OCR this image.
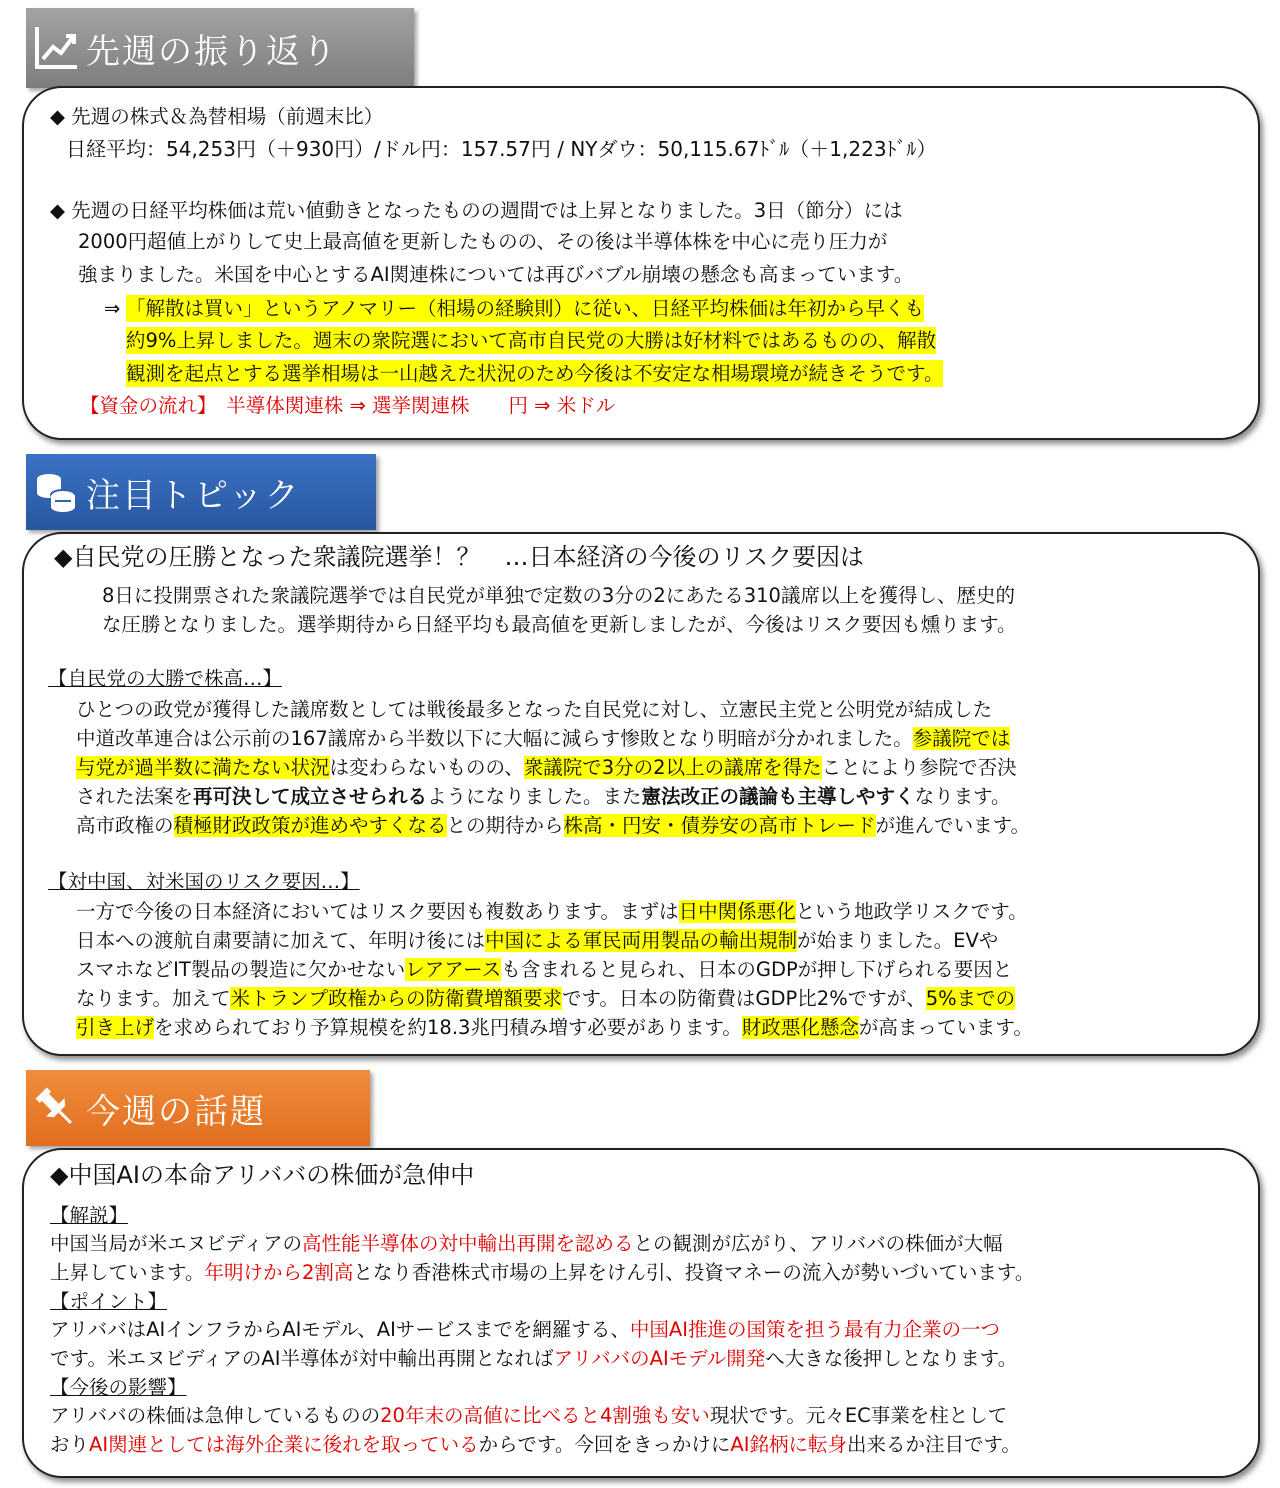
先週の振り返り
◆ 先週の株式＆為替相場（前週末比）
日経平均：54,253円（＋930円）/ドル円：157.57円 / NYダウ：50,115.67ﾄﾞﾙ（＋1,223ﾄﾞﾙ）
◆ 先週の日経平均株価は荒い値動きとなったものの週間では上昇となりました。3日（節分）には
2000円超値上がりして史上最高値を更新したものの、その後は半導体株を中心に売り圧力が
強まりました。米国を中心とするAI関連株については再びバブル崩壊の懸念も高まっています。
⇒ 「解散は買い」というアノマリー（相場の経験則）に従い、日経平均株価は年初から早くも
約9%上昇しました。週末の衆院選において高市自民党の大勝は好材料ではあるものの、解散
観測を起点とする選挙相場は一山越えた状況のため今後は不安定な相場環境が続きそうです。
【資金の流れ】　半導体関連株 ⇒ 選挙関連株　　円 ⇒ 米ドル
注目トピック
◆自民党の圧勝となった衆議院選挙！？　…日本経済の今後のリスク要因は
8日に投開票された衆議院選挙では自民党が単独で定数の3分の2にあたる310議席以上を獲得し、歴史的
な圧勝となりました。選挙期待から日経平均も最高値を更新しましたが、今後はリスク要因も燻ります。
【自民党の大勝で株高…】
ひとつの政党が獲得した議席数としては戦後最多となった自民党に対し、立憲民主党と公明党が結成した
中道改革連合は公示前の167議席から半数以下に大幅に減らす惨敗となり明暗が分かれました。参議院では
与党が過半数に満たない状況は変わらないものの、衆議院で3分の2以上の議席を得たことにより参院で否決
された法案を再可決して成立させられるようになりました。また憲法改正の議論も主導しやすくなります。
高市政権の積極財政政策が進めやすくなるとの期待から株高・円安・債券安の高市トレードが進んでいます。
【対中国、対米国のリスク要因…】
一方で今後の日本経済においてはリスク要因も複数あります。まずは日中関係悪化という地政学リスクです。
日本への渡航自粛要請に加えて、年明け後には中国による軍民両用製品の輸出規制が始まりました。EVや
スマホなどIT製品の製造に欠かせないレアアースも含まれると見られ、日本のGDPが押し下げられる要因と
なります。加えて米トランプ政権からの防衛費増額要求です。日本の防衛費はGDP比2%ですが、5%までの
引き上げを求められており予算規模を約18.3兆円積み増す必要があります。財政悪化懸念が高まっています。
今週の話題
◆中国AIの本命アリババの株価が急伸中
【解説】
中国当局が米エヌビディアの高性能半導体の対中輸出再開を認めるとの観測が広がり、アリババの株価が大幅
上昇しています。年明けから2割高となり香港株式市場の上昇をけん引、投資マネーの流入が勢いづいています。
【ポイント】
アリババはAIインフラからAIモデル、AIサービスまでを網羅する、中国AI推進の国策を担う最有力企業の一つ
です。米エヌビディアのAI半導体が対中輸出再開となればアリババのAIモデル開発へ大きな後押しとなります。
【今後の影響】
アリババの株価は急伸しているものの20年末の高値に比べると4割強も安い現状です。元々EC事業を柱として
おりAI関連としては海外企業に後れを取っているからです。今回をきっかけにAI銘柄に転身出来るか注目です。
